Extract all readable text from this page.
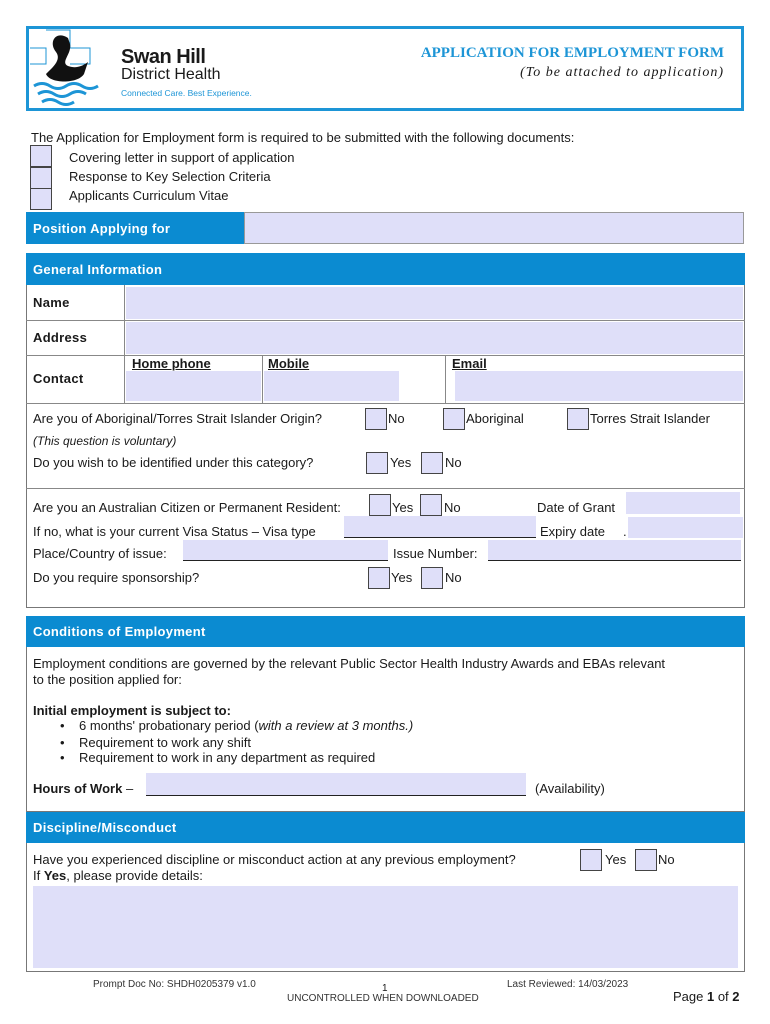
Swan Hill
District Health
Connected Care. Best Experience.
APPLICATION FOR EMPLOYMENT FORM
(To be attached to application)
The Application for Employment form is required to be submitted with the following documents:
Covering letter in support of application
Response to Key Selection Criteria
Applicants Curriculum Vitae
Position Applying for
General Information
Name
Address
Contact
Home phone	Mobile	Email
Are you of Aboriginal/Torres Strait Islander Origin?	No	Aboriginal	Torres Strait Islander
(This question is voluntary)
Do you wish to be identified under this category?	Yes	No
Are you an Australian Citizen or Permanent Resident:	Yes No	Date of Grant
If no, what is your current Visa Status – Visa type	Expiry date .
Place/Country of issue:	Issue Number:
Do you require sponsorship?	Yes	No
Conditions of Employment
Employment conditions are governed by the relevant Public Sector Health Industry Awards and EBAs relevant
to the position applied for:
Initial employment is subject to:
•    6 months' probationary period (with a review at 3 months.)
•    Requirement to work any shift
•    Requirement to work in any department as required
Hours of Work –	(Availability)
Discipline/Misconduct
Have you experienced discipline or misconduct action at any previous employment?	Yes No
If Yes, please provide details:
Prompt Doc No: SHDH0205379 v1.0	1
UNCONTROLLED WHEN DOWNLOADED
Last Reviewed: 14/03/2023
Page 1 of 2
